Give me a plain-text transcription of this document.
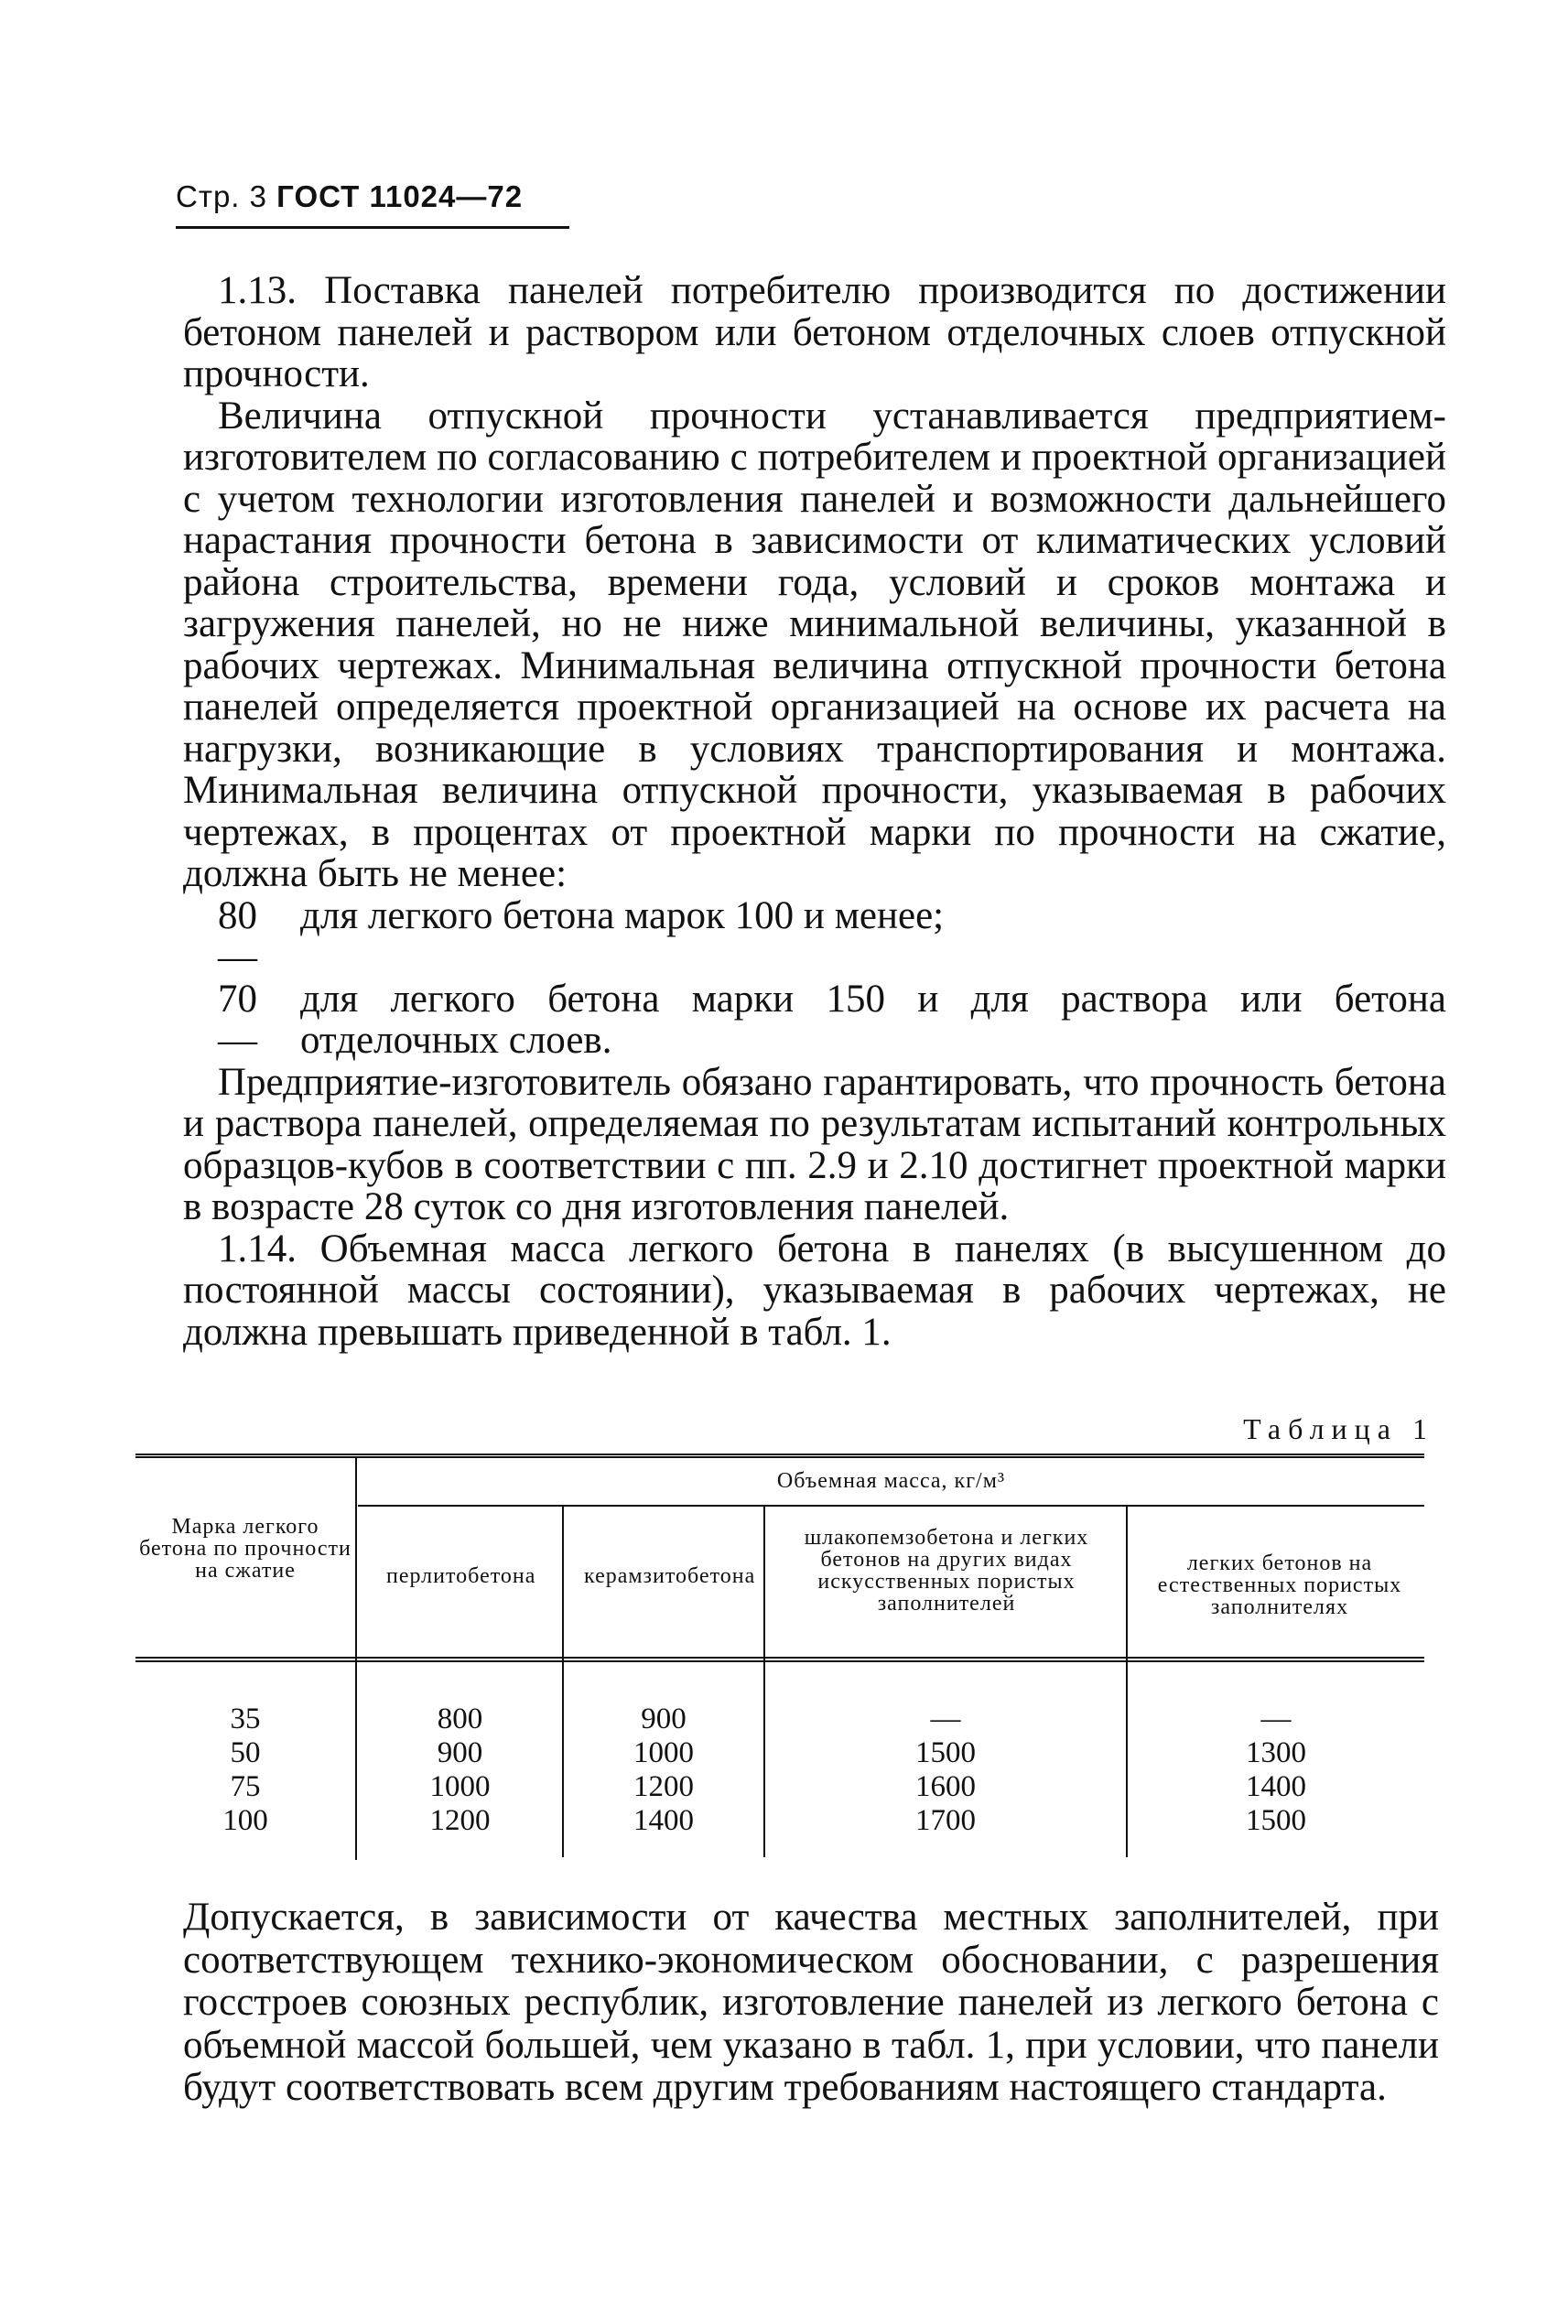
Стр. 3 ГОСТ 11024—72

1.13. Поставка панелей потребителю производится по достижении бетоном панелей и раствором или бетоном отделочных слоев отпускной прочности.

Величина отпускной прочности устанавливается предприятием-изготовителем по согласованию с потребителем и проектной организацией с учетом технологии изготовления панелей и возможности дальнейшего нарастания прочности бетона в зависимости от климатических условий района строительства, времени года, условий и сроков монтажа и загружения панелей, но не ниже минимальной величины, указанной в рабочих чертежах. Минимальная величина отпускной прочности бетона панелей определяется проектной организацией на основе их расчета на нагрузки, возникающие в условиях транспортирования и монтажа. Минимальная величина отпускной прочности, указываемая в рабочих чертежах, в процентах от проектной марки по прочности на сжатие, должна быть не менее:

80 —
для легкого бетона марок 100 и менее;
70 —
для легкого бетона марки 150 и для раствора или бетона отделочных слоев.

Предприятие-изготовитель обязано гарантировать, что прочность бетона и раствора панелей, определяемая по результатам испытаний контрольных образцов-кубов в соответствии с пп. 2.9 и 2.10 достигнет проектной марки в возрасте 28 суток со дня изготовления панелей.

1.14. Объемная масса легкого бетона в панелях (в высушенном до постоянной массы состоянии), указываемая в рабочих чертежах, не должна превышать приведенной в табл. 1.

Таблица 1
Марка легкого бетона по прочности на сжатие
Объемная масса, кг/м³
перлитобетона керамзитобетона
шлакопемзобетона и легких бетонов на других видах искусственных пористых заполнителей
легких бетонов на естественных пористых заполнителях
35
50
75
100
800
900
1000
1200
900
1000
1200
1400
—
1500
1600
1700
—
1300
1400
1500

Допускается, в зависимости от качества местных заполнителей, при соответствующем технико-экономическом обосновании, с разрешения госстроев союзных республик, изготовление панелей из легкого бетона с объемной массой большей, чем указано в табл. 1, при условии, что панели будут соответствовать всем другим требованиям настоящего стандарта.
